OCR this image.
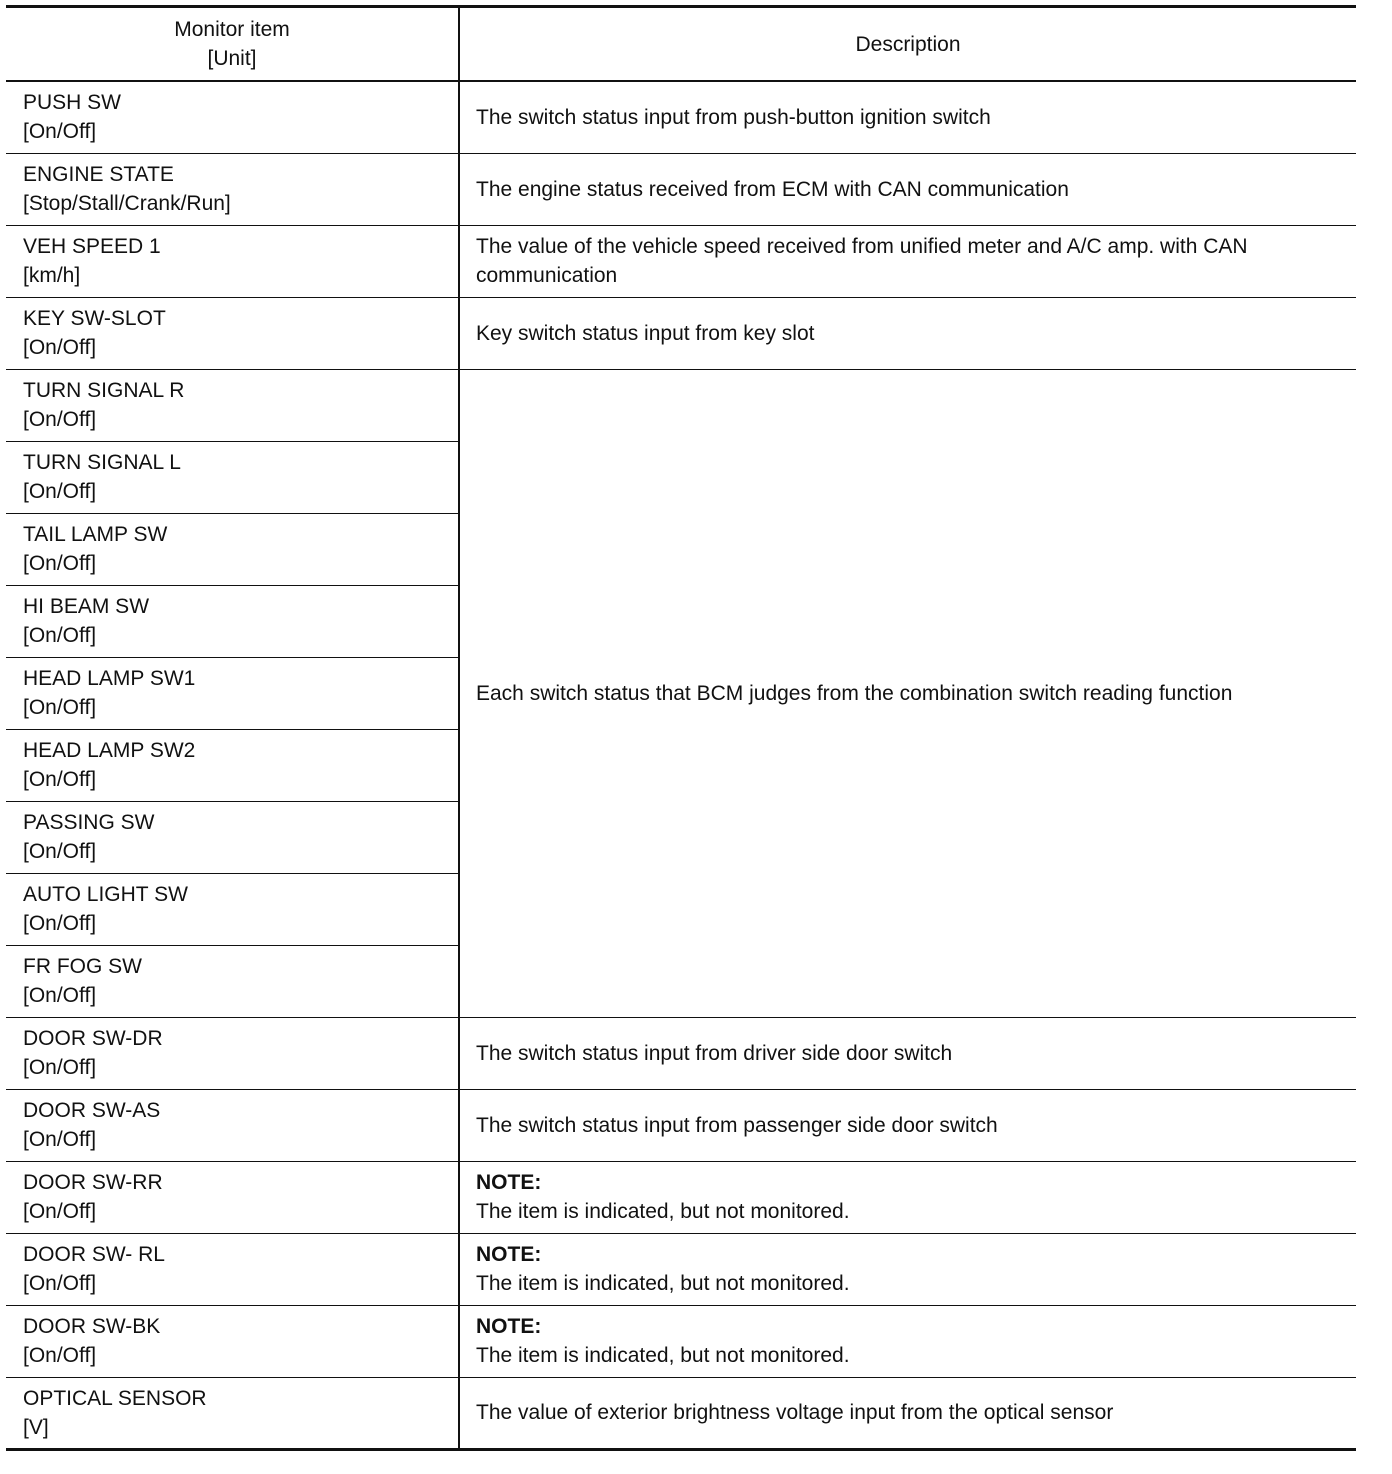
Monitor item
[Unit]	Description

PUSH SW
[On/Off]	The switch status input from push-button ignition switch

ENGINE STATE
[Stop/Stall/Crank/Run]	The engine status received from ECM with CAN communication

VEH SPEED 1
[km/h]	The value of the vehicle speed received from unified meter and A/C amp. with CAN communication

KEY SW-SLOT
[On/Off]	Key switch status input from key slot

TURN SIGNAL R
[On/Off]	Each switch status that BCM judges from the combination switch reading function

TURN SIGNAL L
[On/Off]	

TAIL LAMP SW
[On/Off]	

HI BEAM SW
[On/Off]	

HEAD LAMP SW1
[On/Off]	

HEAD LAMP SW2
[On/Off]	

PASSING SW
[On/Off]	

AUTO LIGHT SW
[On/Off]	

FR FOG SW
[On/Off]	

DOOR SW-DR
[On/Off]	The switch status input from driver side door switch

DOOR SW-AS
[On/Off]	The switch status input from passenger side door switch

DOOR SW-RR
[On/Off]	NOTE:
The item is indicated, but not monitored.

DOOR SW- RL
[On/Off]	NOTE:
The item is indicated, but not monitored.

DOOR SW-BK
[On/Off]	NOTE:
The item is indicated, but not monitored.

OPTICAL SENSOR
[V]	The value of exterior brightness voltage input from the optical sensor
